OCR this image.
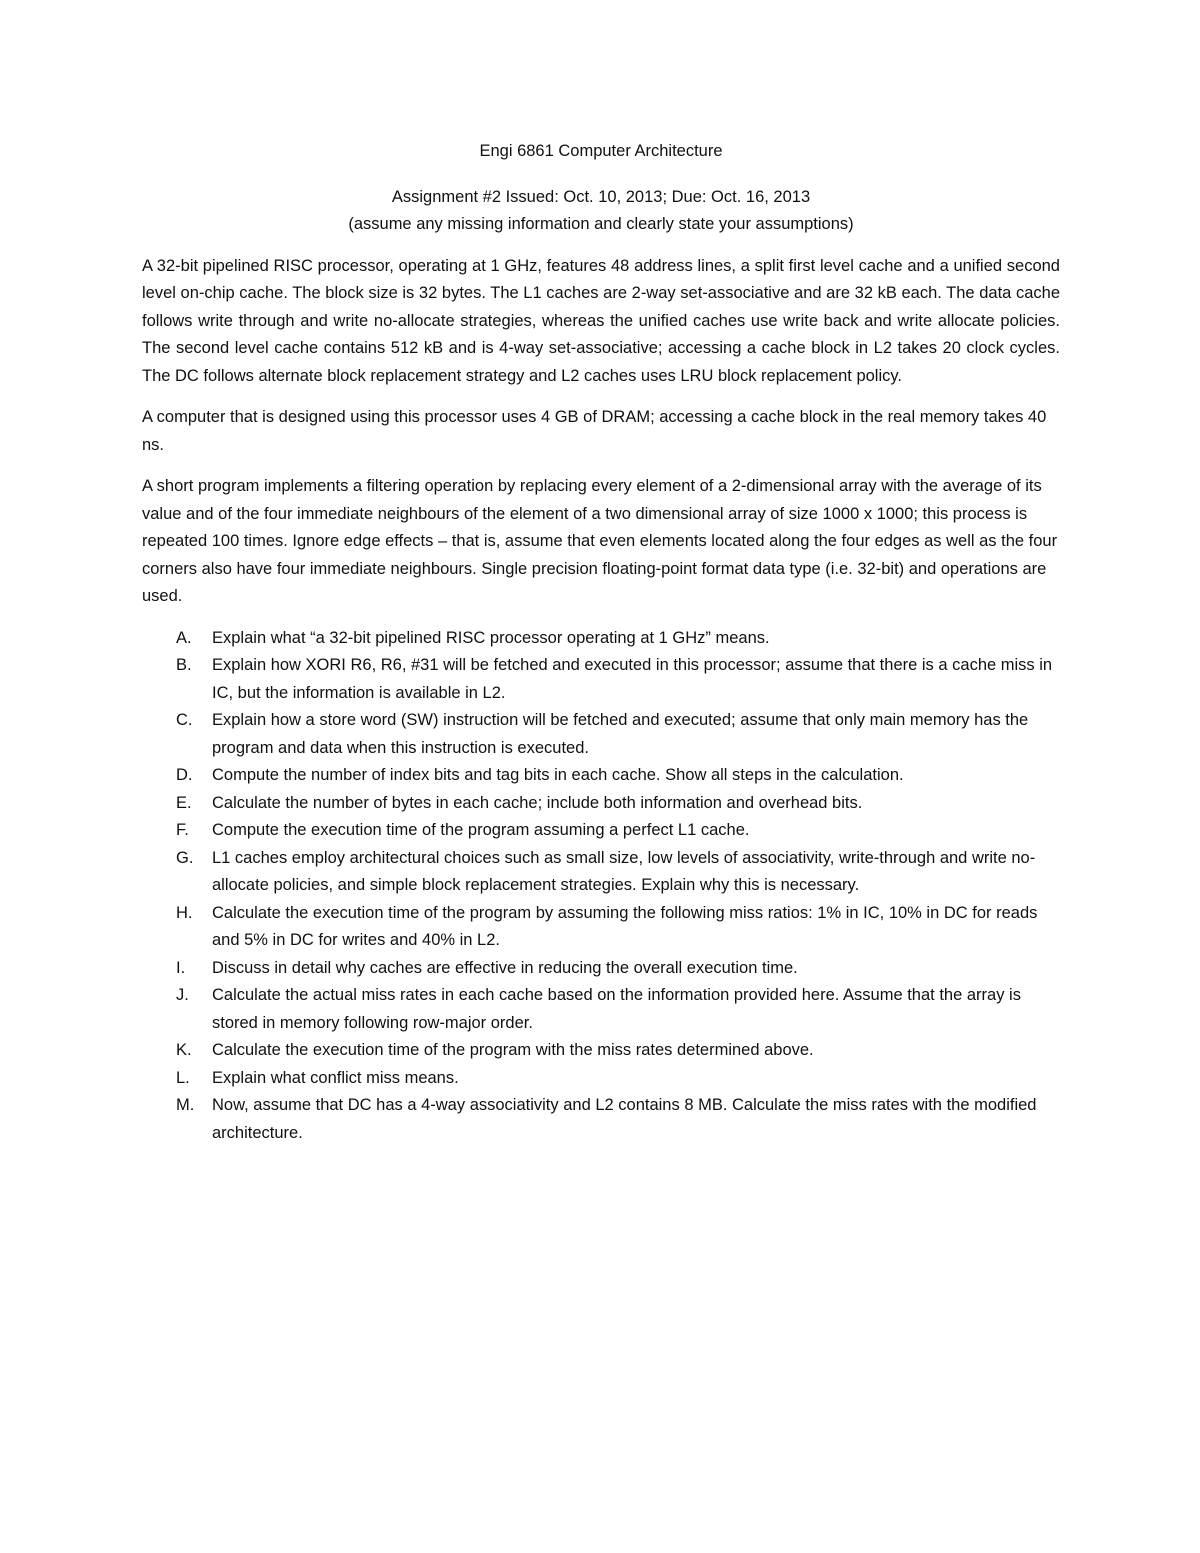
Engi 6861 Computer Architecture
Assignment #2 Issued: Oct. 10, 2013; Due: Oct. 16, 2013
(assume any missing information and clearly state your assumptions)

A 32-bit pipelined RISC processor, operating at 1 GHz, features 48 address lines, a split first level cache and a unified second level on-chip cache. The block size is 32 bytes. The L1 caches are 2-way set-associative and are 32 kB each. The data cache follows write through and write no-allocate strategies, whereas the unified caches use write back and write allocate policies. The second level cache contains 512 kB and is 4-way set-associative; accessing a cache block in L2 takes 20 clock cycles. The DC follows alternate block replacement strategy and L2 caches uses LRU block replacement policy.

A computer that is designed using this processor uses 4 GB of DRAM; accessing a cache block in the real memory takes 40 ns.

A short program implements a filtering operation by replacing every element of a 2-dimensional array with the average of its value and of the four immediate neighbours of the element of a two dimensional array of size 1000 x 1000; this process is repeated 100 times. Ignore edge effects – that is, assume that even elements located along the four edges as well as the four corners also have four immediate neighbours. Single precision floating-point format data type (i.e. 32-bit) and operations are used.

A.	Explain what “a 32-bit pipelined RISC processor operating at 1 GHz” means.
B.	Explain how XORI R6, R6, #31 will be fetched and executed in this processor; assume that there is a cache miss in IC, but the information is available in L2.
C.	Explain how a store word (SW) instruction will be fetched and executed; assume that only main memory has the program and data when this instruction is executed.
D.	Compute the number of index bits and tag bits in each cache. Show all steps in the calculation.
E.	Calculate the number of bytes in each cache; include both information and overhead bits.
F.	Compute the execution time of the program assuming a perfect L1 cache.
G.	L1 caches employ architectural choices such as small size, low levels of associativity, write-through and write no-allocate policies, and simple block replacement strategies. Explain why this is necessary.
H.	Calculate the execution time of the program by assuming the following miss ratios: 1% in IC, 10% in DC for reads and 5% in DC for writes and 40% in L2.
I.	Discuss in detail why caches are effective in reducing the overall execution time.
J.	Calculate the actual miss rates in each cache based on the information provided here. Assume that the array is stored in memory following row-major order.
K.	Calculate the execution time of the program with the miss rates determined above.
L.	Explain what conflict miss means.
M.	Now, assume that DC has a 4-way associativity and L2 contains 8 MB. Calculate the miss rates with the modified architecture.
